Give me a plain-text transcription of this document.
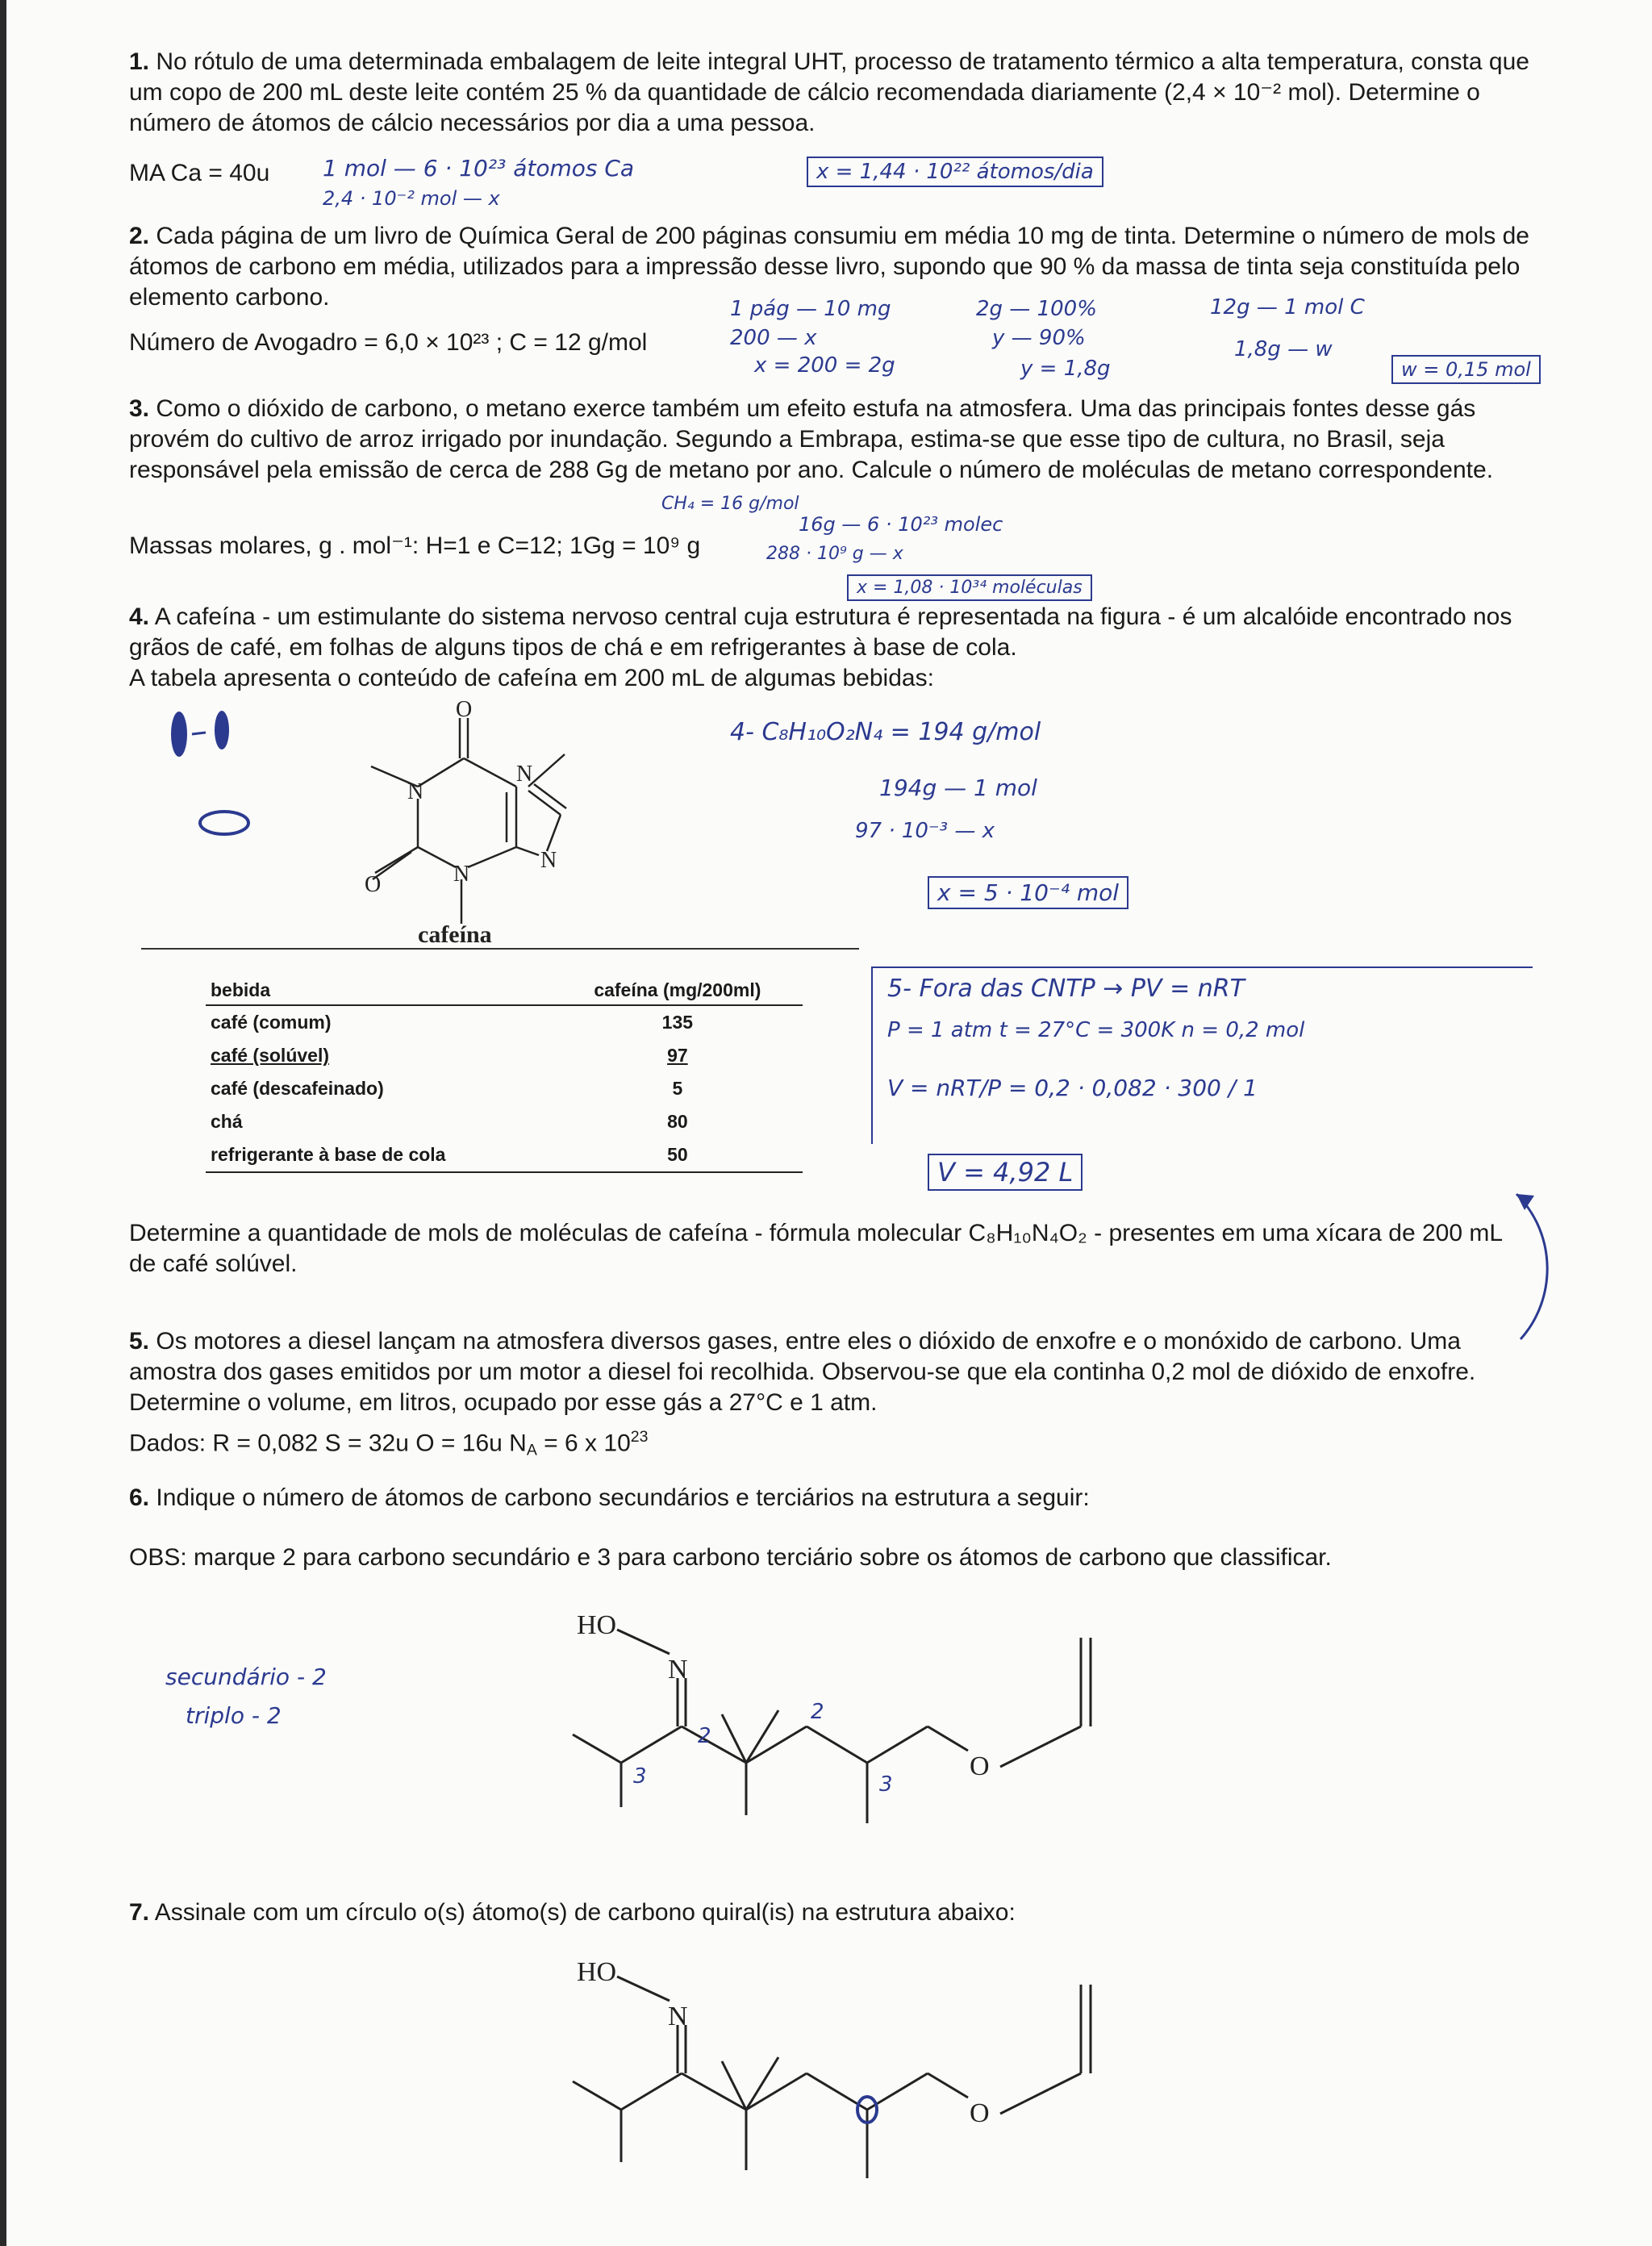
1. No rótulo de uma determinada embalagem de leite integral UHT, processo de tratamento térmico a alta temperatura, consta que um copo de 200 mL deste leite contém 25 % da quantidade de cálcio recomendada diariamente (2,4 × 10⁻² mol). Determine o número de átomos de cálcio necessários por dia a uma pessoa.

MA Ca = 40u	1 mol — 6 · 10²³ átomos Ca
2,4 · 10⁻² mol — x
x = 1,44 · 10²² átomos/dia

2. Cada página de um livro de Química Geral de 200 páginas consumiu em média 10 mg de tinta. Determine o número de mols de átomos de carbono em média, utilizados para a impressão desse livro, supondo que 90 % da massa de tinta seja constituída pelo elemento carbono.

Número de Avogadro = 6,0 × 10²³ ; C = 12 g/mol
1 pág — 10 mg
200 — x
x = 200 = 2g
2g — 100%
y — 90%
y = 1,8g
12g — 1 mol C
1,8g — w
w = 0,15 mol

3. Como o dióxido de carbono, o metano exerce também um efeito estufa na atmosfera. Uma das principais fontes desse gás provém do cultivo de arroz irrigado por inundação. Segundo a Embrapa, estima-se que esse tipo de cultura, no Brasil, seja responsável pela emissão de cerca de 288 Gg de metano por ano. Calcule o número de moléculas de metano correspondente.

Massas molares, g . mol⁻¹: H=1 e C=12; 1Gg = 10⁹ g
CH₄ = 16 g/mol
16g — 6 · 10²³ molec
288 · 10⁹ g — x
x = 1,08 · 10³⁴ moléculas

4. A cafeína - um estimulante do sistema nervoso central cuja estrutura é representada na figura - é um alcalóide encontrado nos grãos de café, em folhas de alguns tipos de chá e em refrigerantes à base de cola.

A tabela apresenta o conteúdo de cafeína em 200 mL de algumas bebidas:

O
N
N
N
N
O
cafeína
bebida	cafeína (mg/200ml)
café (comum)	135
café (solúvel)	97
café (descafeinado)	5
chá	80
refrigerante à base de cola	50
4- C₈H₁₀O₂N₄ = 194 g/mol
194g — 1 mol
97 · 10⁻³ — x
x = 5 · 10⁻⁴ mol
5- Fora das CNTP → PV = nRT
P = 1 atm t = 27°C = 300K n = 0,2 mol
V = nRT/P = 0,2 · 0,082 · 300 / 1
V = 4,92 L

Determine a quantidade de mols de moléculas de cafeína - fórmula molecular C₈H₁₀N₄O₂ - presentes em uma xícara de 200 mL de café solúvel.

5. Os motores a diesel lançam na atmosfera diversos gases, entre eles o dióxido de enxofre e o monóxido de carbono. Uma amostra dos gases emitidos por um motor a diesel foi recolhida. Observou-se que ela continha 0,2 mol de dióxido de enxofre. Determine o volume, em litros, ocupado por esse gás a 27°C e 1 atm.

Dados: R = 0,082 S = 32u O = 16u $N_A = 6$ x $10^{23}$

6. Indique o número de átomos de carbono secundários e terciários na estrutura a seguir:

OBS: marque 2 para carbono secundário e 3 para carbono terciário sobre os átomos de carbono que classificar.

secundário - 2
triplo - 2
HO
N
O
2
2
3	3

7. Assinale com um círculo o(s) átomo(s) de carbono quiral(is) na estrutura abaixo:

HO
N
O
